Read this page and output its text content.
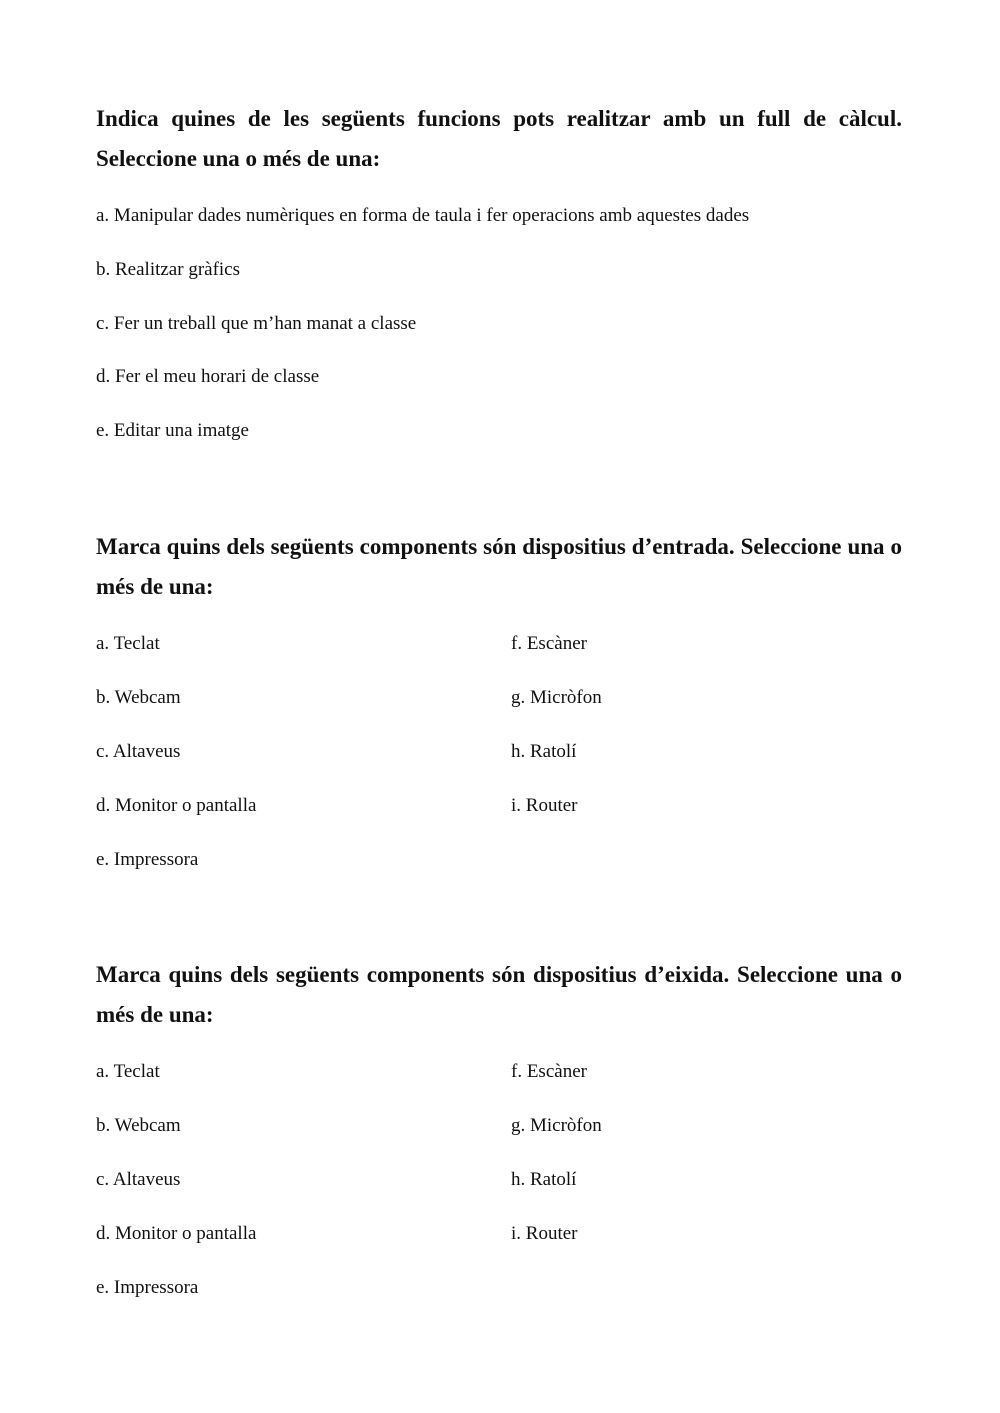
Indica quines de les següents funcions pots realitzar amb un full de càlcul. Seleccione una o més de una:

a. Manipular dades numèriques en forma de taula i fer operacions amb aquestes dades
b. Realitzar gràfics
c. Fer un treball que m’han manat a classe
d. Fer el meu horari de classe
e. Editar una imatge

Marca quins dels següents components són dispositius d’entrada. Seleccione una o més de una:

a. Teclat
b. Webcam
c. Altaveus
d. Monitor o pantalla
e. Impressora
f. Escàner
g. Micròfon
h. Ratolí
i. Router

Marca quins dels següents components són dispositius d’eixida. Seleccione una o més de una:

a. Teclat
b. Webcam
c. Altaveus
d. Monitor o pantalla
e. Impressora
f. Escàner
g. Micròfon
h. Ratolí
i. Router
